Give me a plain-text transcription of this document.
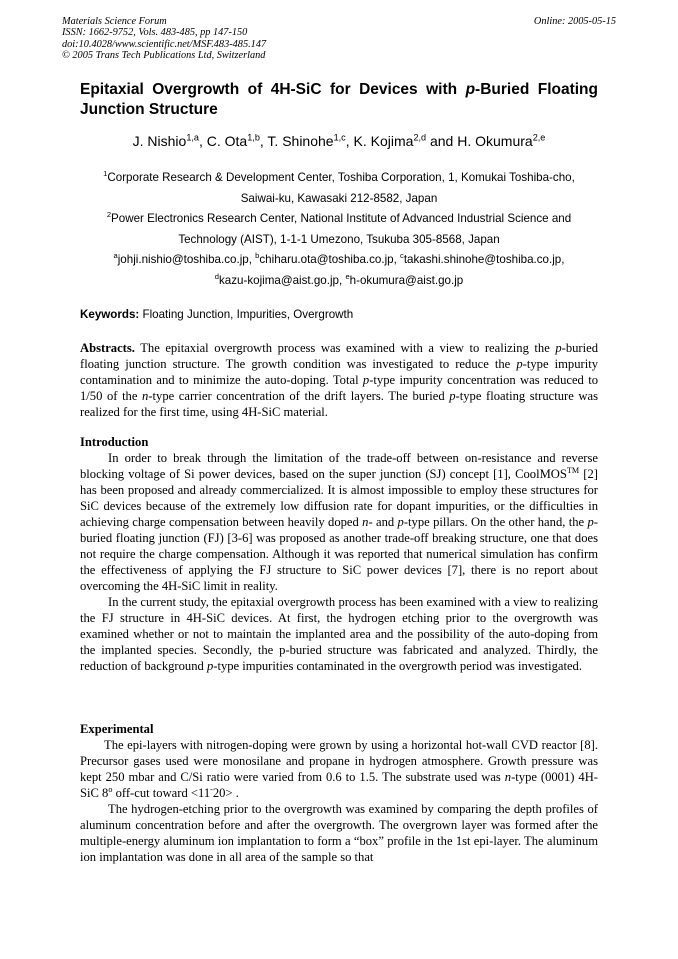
Materials Science Forum
ISSN: 1662-9752, Vols. 483-485, pp 147-150
doi:10.4028/www.scientific.net/MSF.483-485.147
© 2005 Trans Tech Publications Ltd, Switzerland
Online: 2005-05-15
Epitaxial Overgrowth of 4H-SiC for Devices with p-Buried Floating Junction Structure
J. Nishio$^{1,a}$, C. Ota$^{1,b}$, T. Shinohe$^{1,c}$, K. Kojima$^{2,d}$ and H. Okumura$^{2,e}$
$^1$Corporate Research & Development Center, Toshiba Corporation, 1, Komukai Toshiba-cho,
Saiwai-ku, Kawasaki 212-8582, Japan
$^2$Power Electronics Research Center, National Institute of Advanced Industrial Science and
Technology (AIST), 1-1-1 Umezono, Tsukuba 305-8568, Japan
$^a$johji.nishio@toshiba.co.jp, $^b$chiharu.ota@toshiba.co.jp, $^c$takashi.shinohe@toshiba.co.jp,
$^d$kazu-kojima@aist.go.jp, $^e$h-okumura@aist.go.jp
Keywords: Floating Junction, Impurities, Overgrowth

Abstracts. The epitaxial overgrowth process was examined with a view to realizing the p-buried floating junction structure. The growth condition was investigated to reduce the p-type impurity contamination and to minimize the auto-doping. Total p-type impurity concentration was reduced to 1/50 of the n-type carrier concentration of the drift layers. The buried p-type floating structure was realized for the first time, using 4H-SiC material.

Introduction

In order to break through the limitation of the trade-off between on-resistance and reverse blocking voltage of Si power devices, based on the super junction (SJ) concept [1], CoolMOS™ [2] has been proposed and already commercialized. It is almost impossible to employ these structures for SiC devices because of the extremely low diffusion rate for dopant impurities, or the difficulties in achieving charge compensation between heavily doped n- and p-type pillars. On the other hand, the p-buried floating junction (FJ) [3-6] was proposed as another trade-off breaking structure, one that does not require the charge compensation. Although it was reported that numerical simulation has confirm the effectiveness of applying the FJ structure to SiC power devices [7], there is no report about overcoming the 4H-SiC limit in reality.

In the current study, the epitaxial overgrowth process has been examined with a view to realizing the FJ structure in 4H-SiC devices. At first, the hydrogen etching prior to the overgrowth was examined whether or not to maintain the implanted area and the possibility of the auto-doping from the implanted species. Secondly, the p-buried structure was fabricated and analyzed. Thirdly, the reduction of background p-type impurities contaminated in the overgrowth period was investigated.

Experimental

The epi-layers with nitrogen-doping were grown by using a horizontal hot-wall CVD reactor [8]. Precursor gases used were monosilane and propane in hydrogen atmosphere. Growth pressure was kept 250 mbar and C/Si ratio were varied from 0.6 to 1.5. The substrate used was n-type (0001) 4H-SiC 8$^o$ off-cut toward <11-20> .

The hydrogen-etching prior to the overgrowth was examined by comparing the depth profiles of aluminum concentration before and after the overgrowth. The overgrown layer was formed after the multiple-energy aluminum ion implantation to form a “box” profile in the 1st epi-layer. The aluminum ion implantation was done in all area of the sample so that
